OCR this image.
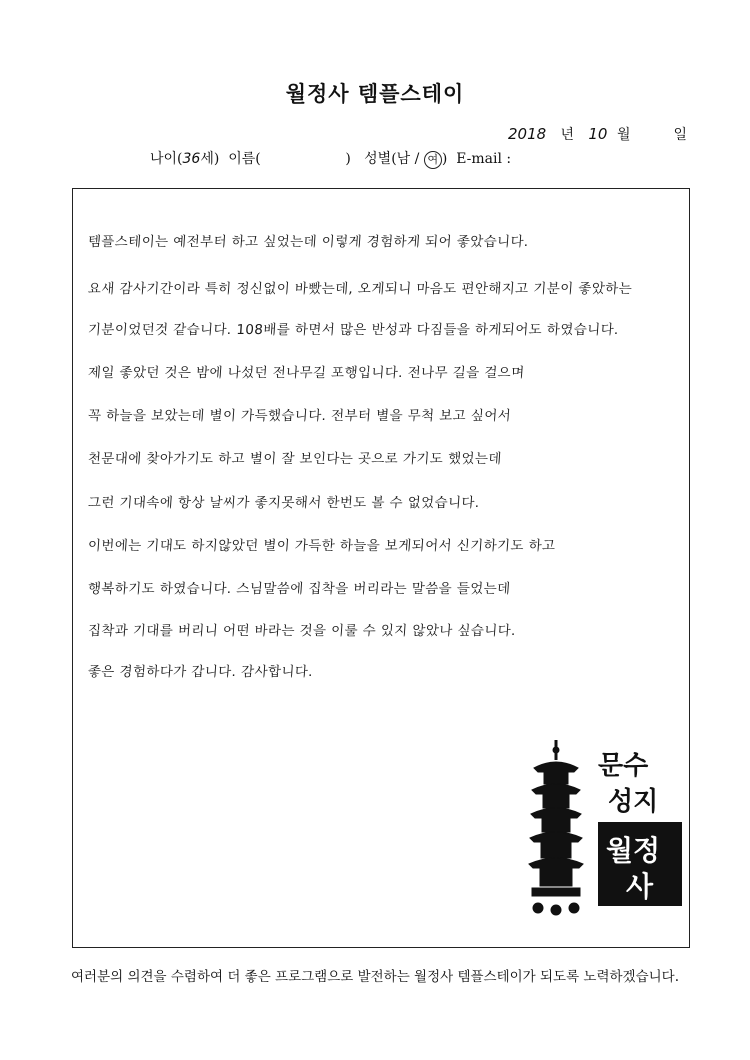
월정사 템플스테이
2018 년 10 월	일
나이(36세) 이름(	) 성별(남 / 여 ) E-mail :
템플스테이는 예전부터 하고 싶었는데 이렇게 경험하게 되어 좋았습니다.
요새 감사기간이라 특히 정신없이 바빴는데, 오게되니 마음도 편안해지고 기분이 좋았하는
기분이었던것 같습니다. 108배를 하면서 많은 반성과 다짐들을 하게되어도 하였습니다.
제일 좋았던 것은 밤에 나섰던 전나무길 포행입니다. 전나무 길을 걸으며
꼭 하늘을 보았는데 별이 가득했습니다. 전부터 별을 무척 보고 싶어서
천문대에 찾아가기도 하고 별이 잘 보인다는 곳으로 가기도 했었는데
그런 기대속에 항상 날씨가 좋지못해서 한번도 볼 수 없었습니다.
이번에는 기대도 하지않았던 별이 가득한 하늘을 보게되어서 신기하기도 하고
행복하기도 하였습니다. 스님말씀에 집착을 버리라는 말씀을 들었는데
집착과 기대를 버리니 어떤 바라는 것을 이룰 수 있지 않았나 싶습니다.
좋은 경험하다가 갑니다. 감사합니다.
문수
성지
월정
사
여러분의 의견을 수렴하여 더 좋은 프로그램으로 발전하는 월정사 템플스테이가 되도록 노력하겠습니다.
